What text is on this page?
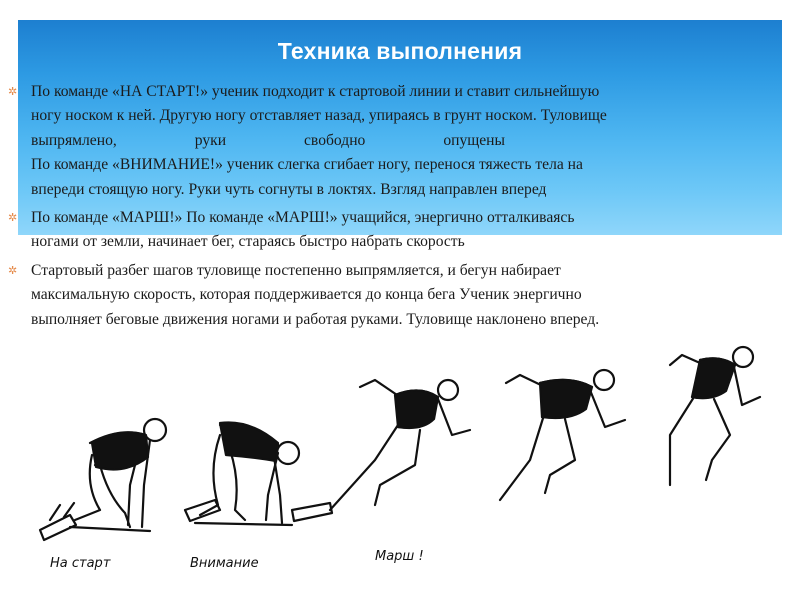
Техника выполнения
✲ По команде «НА СТАРТ!» ученик подходит к стартовой линии и ставит сильнейшую
ногу носком к ней. Другую ногу отставляет назад, упираясь в грунт носком. Туловище
выпрямлено,                    руки                    свободно                    опущены
По команде «ВНИМАНИЕ!» ученик слегка сгибает ногу, перенося тяжесть тела на
впереди стоящую ногу. Руки чуть согнуты в локтях. Взгляд направлен вперед
✲ По команде «МАРШ!» По команде «МАРШ!» учащийся, энергично отталкиваясь
ногами от земли, начинает бег, стараясь быстро набрать скорость
✲ Стартовый разбег шагов туловище постепенно выпрямляется, и бегун набирает
максимальную скорость, которая поддерживается до конца бега Ученик энергично
выполняет беговые движения ногами и работая руками. Туловище наклонено вперед.
На старт	Внимание	Марш !
